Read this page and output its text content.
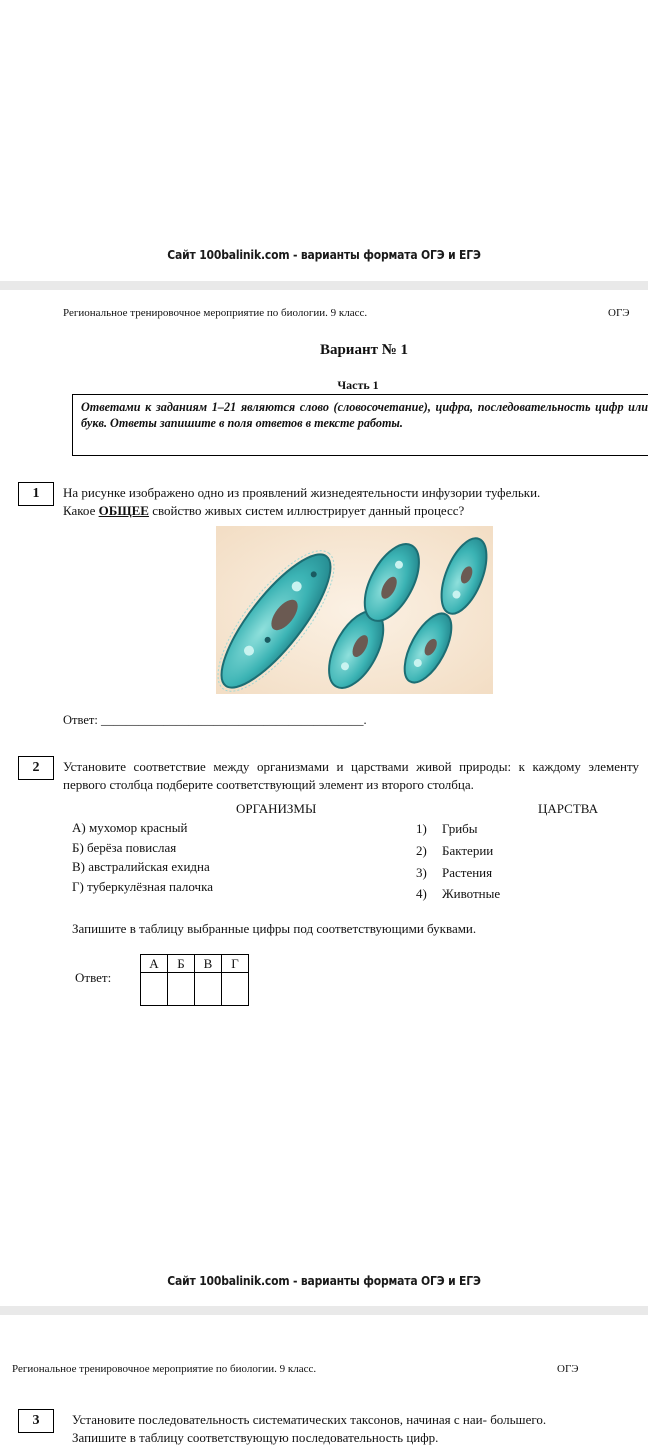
Сайт 100balinik.com - варианты формата ОГЭ и ЕГЭ
Региональное тренировочное мероприятие по биологии. 9 класс.	ОГЭ
Вариант № 1
Часть 1
Ответами к заданиям 1–21 являются слово (словосочетание), цифра, последовательность цифр или букв. Ответы запишите в поля ответов в тексте работы.
1	На рисунке изображено одно из проявлений жизнедеятельности инфузории туфельки.
Какое ОБЩЕЕ свойство живых систем иллюстрирует данный процесс?
Ответ: __________________________________________.
2	Установите соответствие между организмами и царствами живой природы: к каждому элементу первого столбца подберите соответствующий элемент из второго столбца.
ОРГАНИЗМЫ	ЦАРСТВА
А) мухомор красный
Б) берёза повислая
В) австралийская ехидна
Г) туберкулёзная палочка
1) Грибы
2) Бактерии
3) Растения
4) Животные
Запишите в таблицу выбранные цифры под соответствующими буквами.
Ответ:
А	Б	В	Г

Сайт 100balinik.com - варианты формата ОГЭ и ЕГЭ
Региональное тренировочное мероприятие по биологии. 9 класс.	ОГЭ
3	Установите последовательность систематических таксонов, начиная с наи- большего.
Запишите в таблицу соответствующую последовательность цифр.
